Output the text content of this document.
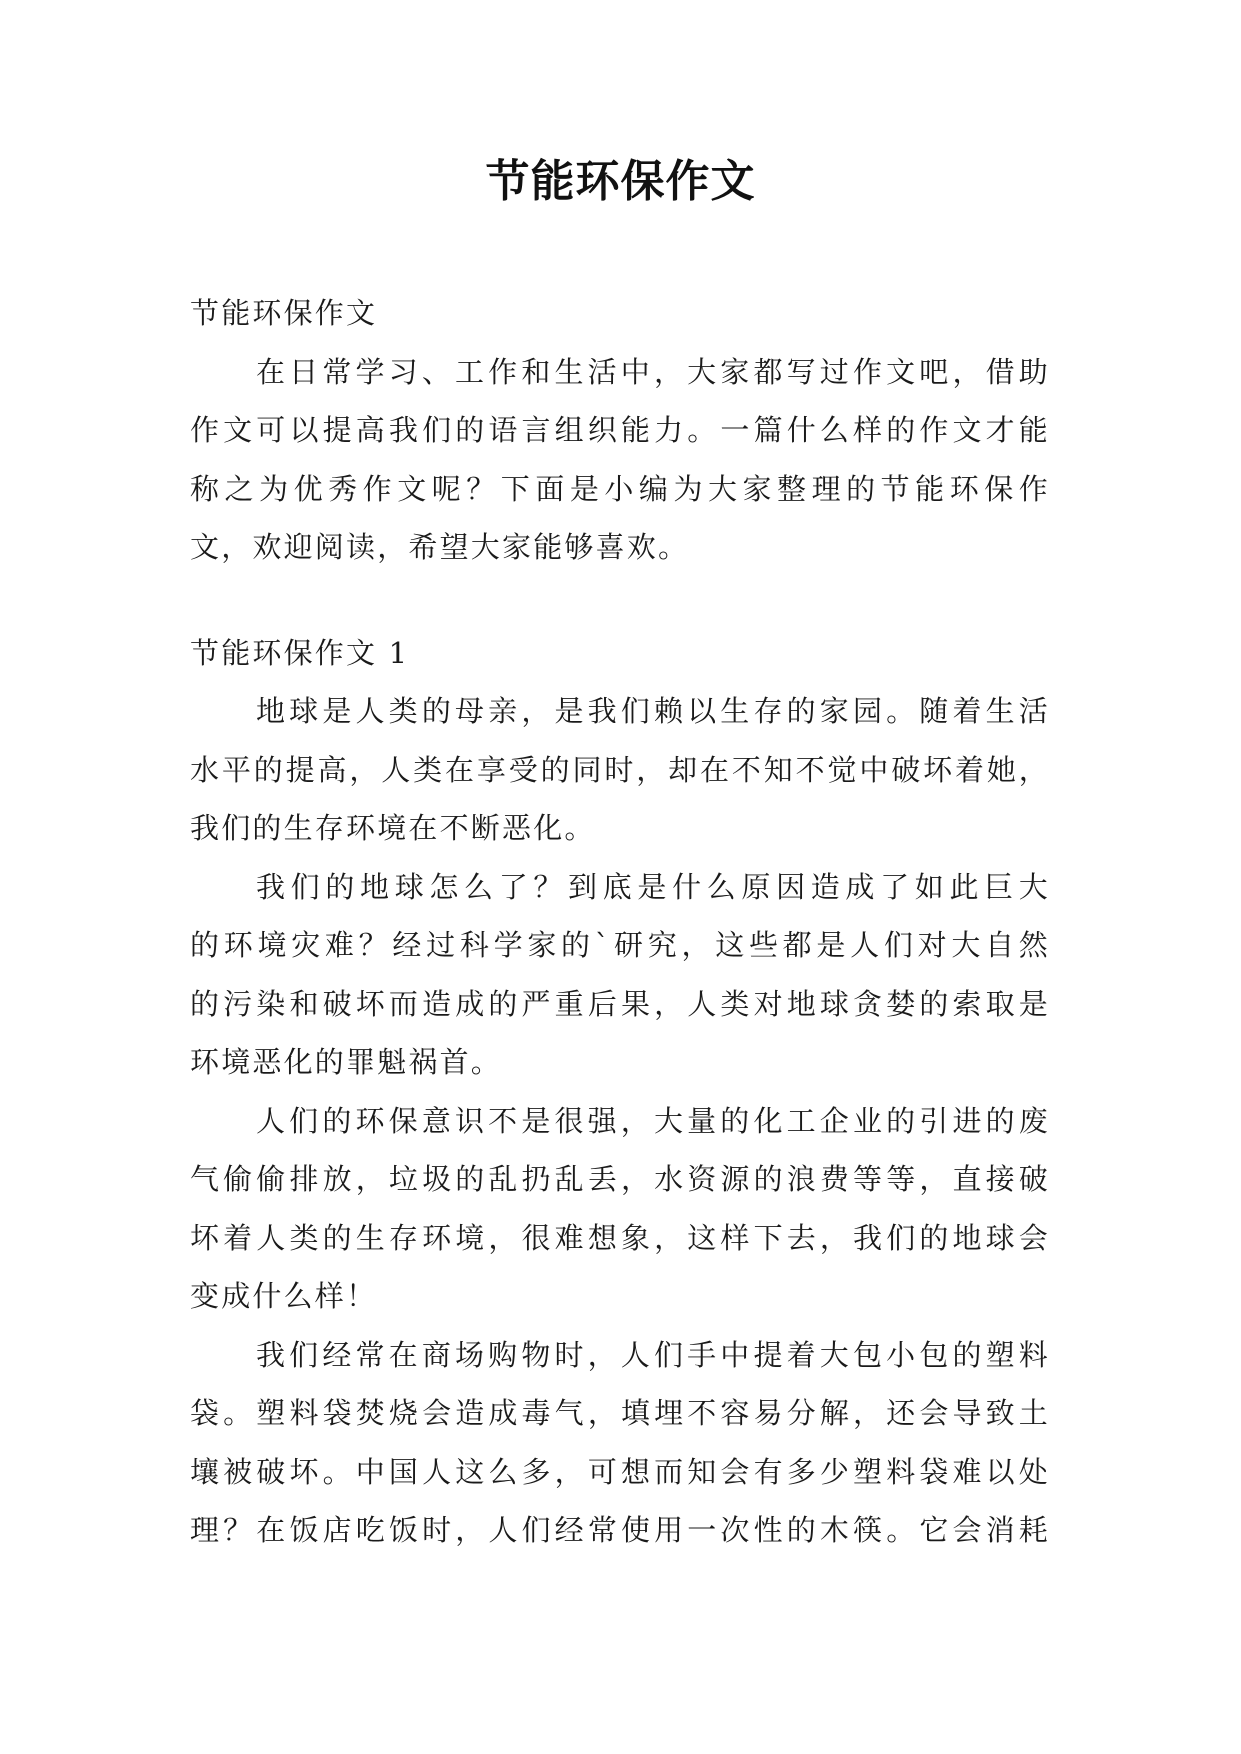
节能环保作文
节能环保作文
在日常学习、工作和生活中，大家都写过作文吧，借助
作文可以提高我们的语言组织能力。一篇什么样的作文才能
称之为优秀作文呢？下面是小编为大家整理的节能环保作
文，欢迎阅读，希望大家能够喜欢。
节能环保作文 1
地球是人类的母亲，是我们赖以生存的家园。随着生活
水平的提高，人类在享受的同时，却在不知不觉中破坏着她，
我们的生存环境在不断恶化。
我们的地球怎么了？到底是什么原因造成了如此巨大
的环境灾难？经过科学家的`研究，这些都是人们对大自然
的污染和破坏而造成的严重后果，人类对地球贪婪的索取是
环境恶化的罪魁祸首。
人们的环保意识不是很强，大量的化工企业的引进的废
气偷偷排放，垃圾的乱扔乱丢，水资源的浪费等等，直接破
坏着人类的生存环境，很难想象，这样下去，我们的地球会
变成什么样！
我们经常在商场购物时，人们手中提着大包小包的塑料
袋。塑料袋焚烧会造成毒气，填埋不容易分解，还会导致土
壤被破坏。中国人这么多，可想而知会有多少塑料袋难以处
理？在饭店吃饭时，人们经常使用一次性的木筷。它会消耗
